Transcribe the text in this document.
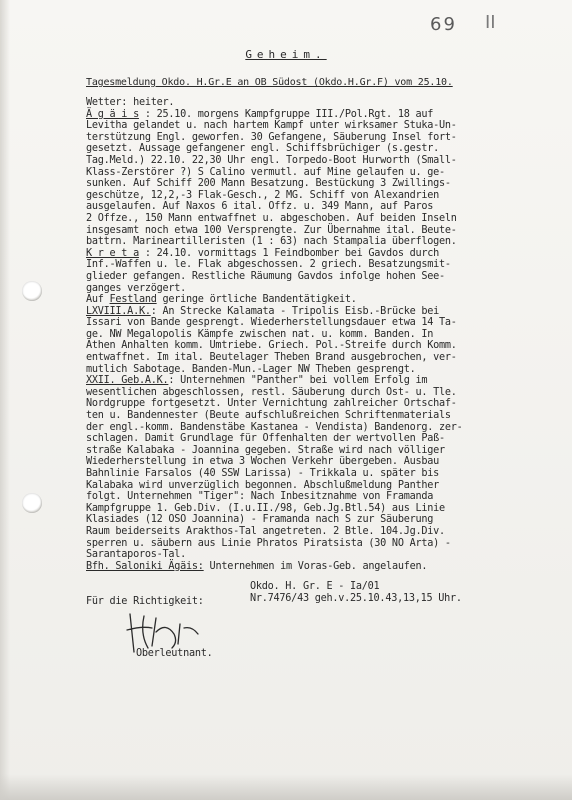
69 II
Geheim.
Tagesmeldung Okdo. H.Gr.E an OB Südost (Okdo.H.Gr.F) vom 25.10.
Wetter: heiter.
Ä g ä i s : 25.10. morgens Kampfgruppe III./Pol.Rgt. 18 auf
Levitha gelandet u. nach hartem Kampf unter wirksamer Stuka-Un-
terstützung Engl. geworfen. 30 Gefangene, Säuberung Insel fort-
gesetzt. Aussage gefangener engl. Schiffsbrüchiger (s.gestr.
Tag.Meld.) 22.10. 22,30 Uhr engl. Torpedo-Boot Hurworth (Small-
Klass-Zerstörer ?) S Calino vermutl. auf Mine gelaufen u. ge-
sunken. Auf Schiff 200 Mann Besatzung. Bestückung 3 Zwillings-
geschütze, 12,2,-3 Flak-Gesch., 2 MG. Schiff von Alexandrien
ausgelaufen. Auf Naxos 6 ital. Offz. u. 349 Mann, auf Paros
2 Offze., 150 Mann entwaffnet u. abgeschoben. Auf beiden Inseln
insgesamt noch etwa 100 Versprengte. Zur Übernahme ital. Beute-
battrn. Marineartilleristen (1 : 63) nach Stampalia überflogen.
K r e t a : 24.10. vormittags 1 Feindbomber bei Gavdos durch
Inf.-Waffen u. le. Flak abgeschossen. 2 griech. Besatzungsmit-
glieder gefangen. Restliche Räumung Gavdos infolge hohen See-
ganges verzögert.
Auf Festland geringe örtliche Bandentätigkeit.
LXVIII.A.K.: An Strecke Kalamata - Tripolis Eisb.-Brücke bei
Issari von Bande gesprengt. Wiederherstellungsdauer etwa 14 Ta-
ge. NW Megalopolis Kämpfe zwischen nat. u. komm. Banden. In
Athen Anhalten komm. Umtriebe. Griech. Pol.-Streife durch Komm.
entwaffnet. Im ital. Beutelager Theben Brand ausgebrochen, ver-
mutlich Sabotage. Banden-Mun.-Lager NW Theben gesprengt.
XXII. Geb.A.K.: Unternehmen "Panther" bei vollem Erfolg im
wesentlichen abgeschlossen, restl. Säuberung durch Ost- u. Tle.
Nordgruppe fortgesetzt. Unter Vernichtung zahlreicher Ortschaf-
ten u. Bandennester (Beute aufschlußreichen Schriftenmaterials
der engl.-komm. Bandenstäbe Kastanea - Vendista) Bandenorg. zer-
schlagen. Damit Grundlage für Offenhalten der wertvollen Paß-
straße Kalabaka - Joannina gegeben. Straße wird nach völliger
Wiederherstellung in etwa 3 Wochen Verkehr übergeben. Ausbau
Bahnlinie Farsalos (40 SSW Larissa) - Trikkala u. später bis
Kalabaka wird unverzüglich begonnen. Abschlußmeldung Panther
folgt. Unternehmen "Tiger": Nach Inbesitznahme von Framanda
Kampfgruppe 1. Geb.Div. (I.u.II./98, Geb.Jg.Btl.54) aus Linie
Klasiades (12 OSO Joannina) - Framanda nach S zur Säuberung
Raum beiderseits Arakthos-Tal angetreten. 2 Btle. 104.Jg.Div.
sperren u. säubern aus Linie Phratos Piratsista (30 NO Arta) -
Sarantaporos-Tal.
Bfh. Saloniki Ägäis: Unternehmen im Voras-Geb. angelaufen.
Okdo. H. Gr. E - Ia/01
Nr.7476/43 geh.v.25.10.43,13,15 Uhr.
Für die Richtigkeit:
Oberleutnant.
